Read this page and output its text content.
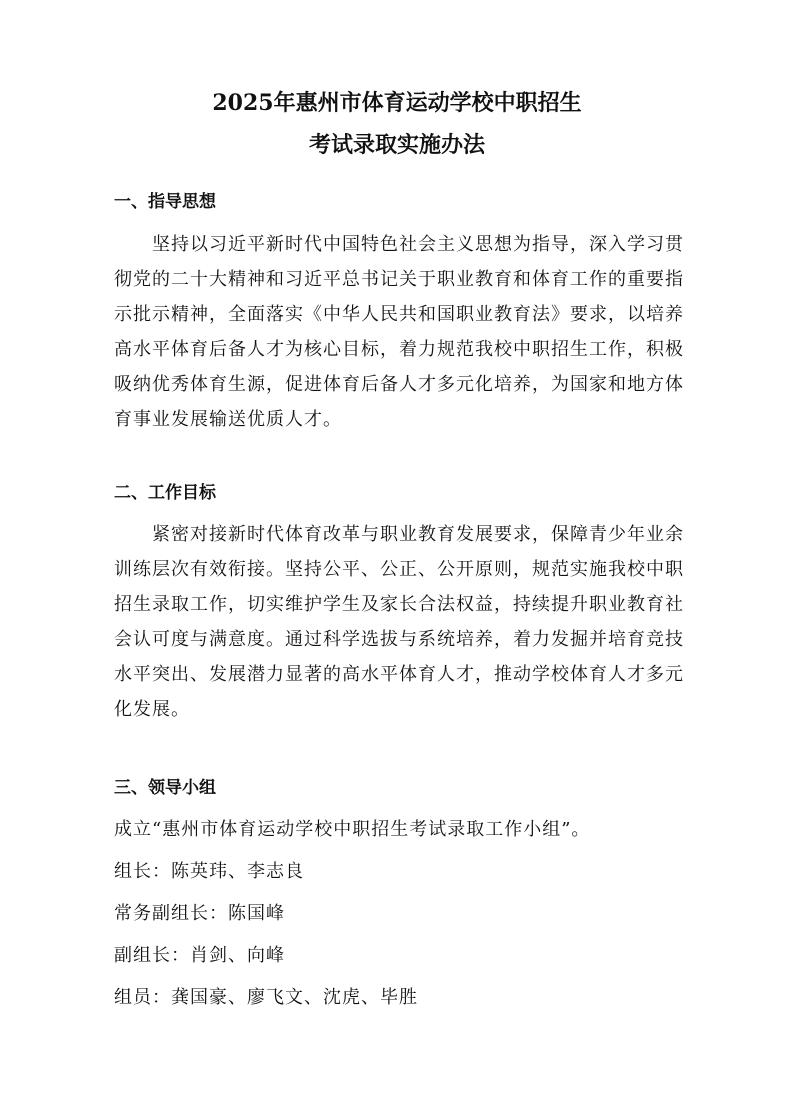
2025年惠州市体育运动学校中职招生
考试录取实施办法
一、指导思想
坚持以习近平新时代中国特色社会主义思想为指导，深入学习贯
彻党的二十大精神和习近平总书记关于职业教育和体育工作的重要指
示批示精神，全面落实《中华人民共和国职业教育法》要求，以培养
高水平体育后备人才为核心目标，着力规范我校中职招生工作，积极
吸纳优秀体育生源，促进体育后备人才多元化培养，为国家和地方体
育事业发展输送优质人才。
二、工作目标
紧密对接新时代体育改革与职业教育发展要求，保障青少年业余
训练层次有效衔接。坚持公平、公正、公开原则，规范实施我校中职
招生录取工作，切实维护学生及家长合法权益，持续提升职业教育社
会认可度与满意度。通过科学选拔与系统培养，着力发掘并培育竞技
水平突出、发展潜力显著的高水平体育人才，推动学校体育人才多元
化发展。
三、领导小组
成立“惠州市体育运动学校中职招生考试录取工作小组”。
组长：陈英玮、李志良
常务副组长：陈国峰
副组长：肖剑、向峰
组员：龚国豪、廖飞文、沈虎、毕胜
